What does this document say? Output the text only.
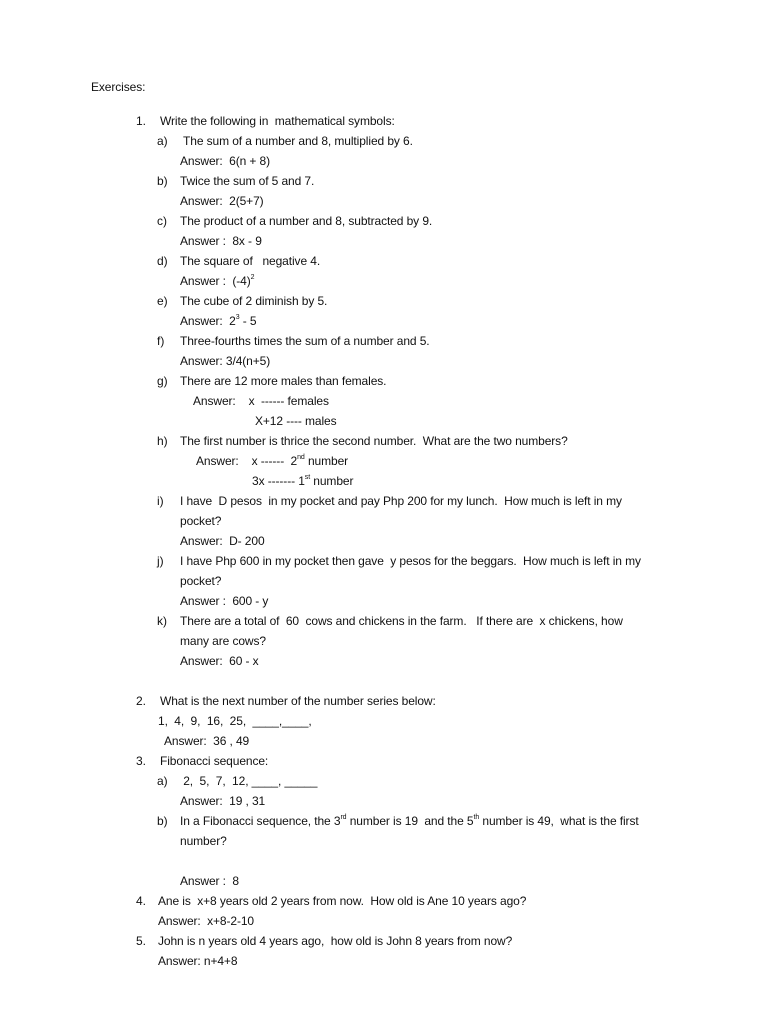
Exercises:
1. Write the following in  mathematical symbols:
a) The sum of a number and 8, multiplied by 6.
Answer:  6(n + 8)
b) Twice the sum of 5 and 7.
Answer:  2(5+7)
c) The product of a number and 8, subtracted by 9.
Answer :  8x - 9
d) The square of   negative 4.
Answer :  $(-4)^2$
e) The cube of 2 diminish by 5.
Answer:  $2^3 - 5$
f) Three-fourths times the sum of a number and 5.
Answer: 3/4(n+5)
g) There are 12 more males than females.
Answer:    x  ------ females
X+12 ---- males
h) The first number is thrice the second number.  What are the two numbers?
Answer:    x ------  2nd number
3x ------- 1st number
i) I have  D pesos  in my pocket and pay Php 200 for my lunch.  How much is left in my
pocket?
Answer:  D- 200
j) I have Php 600 in my pocket then gave  y pesos for the beggars.  How much is left in my
pocket?
Answer :  600 - y
k) There are a total of  60  cows and chickens in the farm.   If there are  x chickens, how
many are cows?
Answer:  60 - x
2. What is the next number of the number series below:
1,  4,  9,  16,  25,  ____,____,
Answer:  36 , 49
3. Fibonacci sequence:
a) 2,  5,  7,  12, ____, _____
Answer:  19 , 31
b) In a Fibonacci sequence, the 3rd number is 19  and the 5th number is 49,  what is the first
number?
Answer :  8
4. Ane is  x+8 years old 2 years from now.  How old is Ane 10 years ago?
Answer:  x+8-2-10
5. John is n years old 4 years ago,  how old is John 8 years from now?
Answer: n+4+8
